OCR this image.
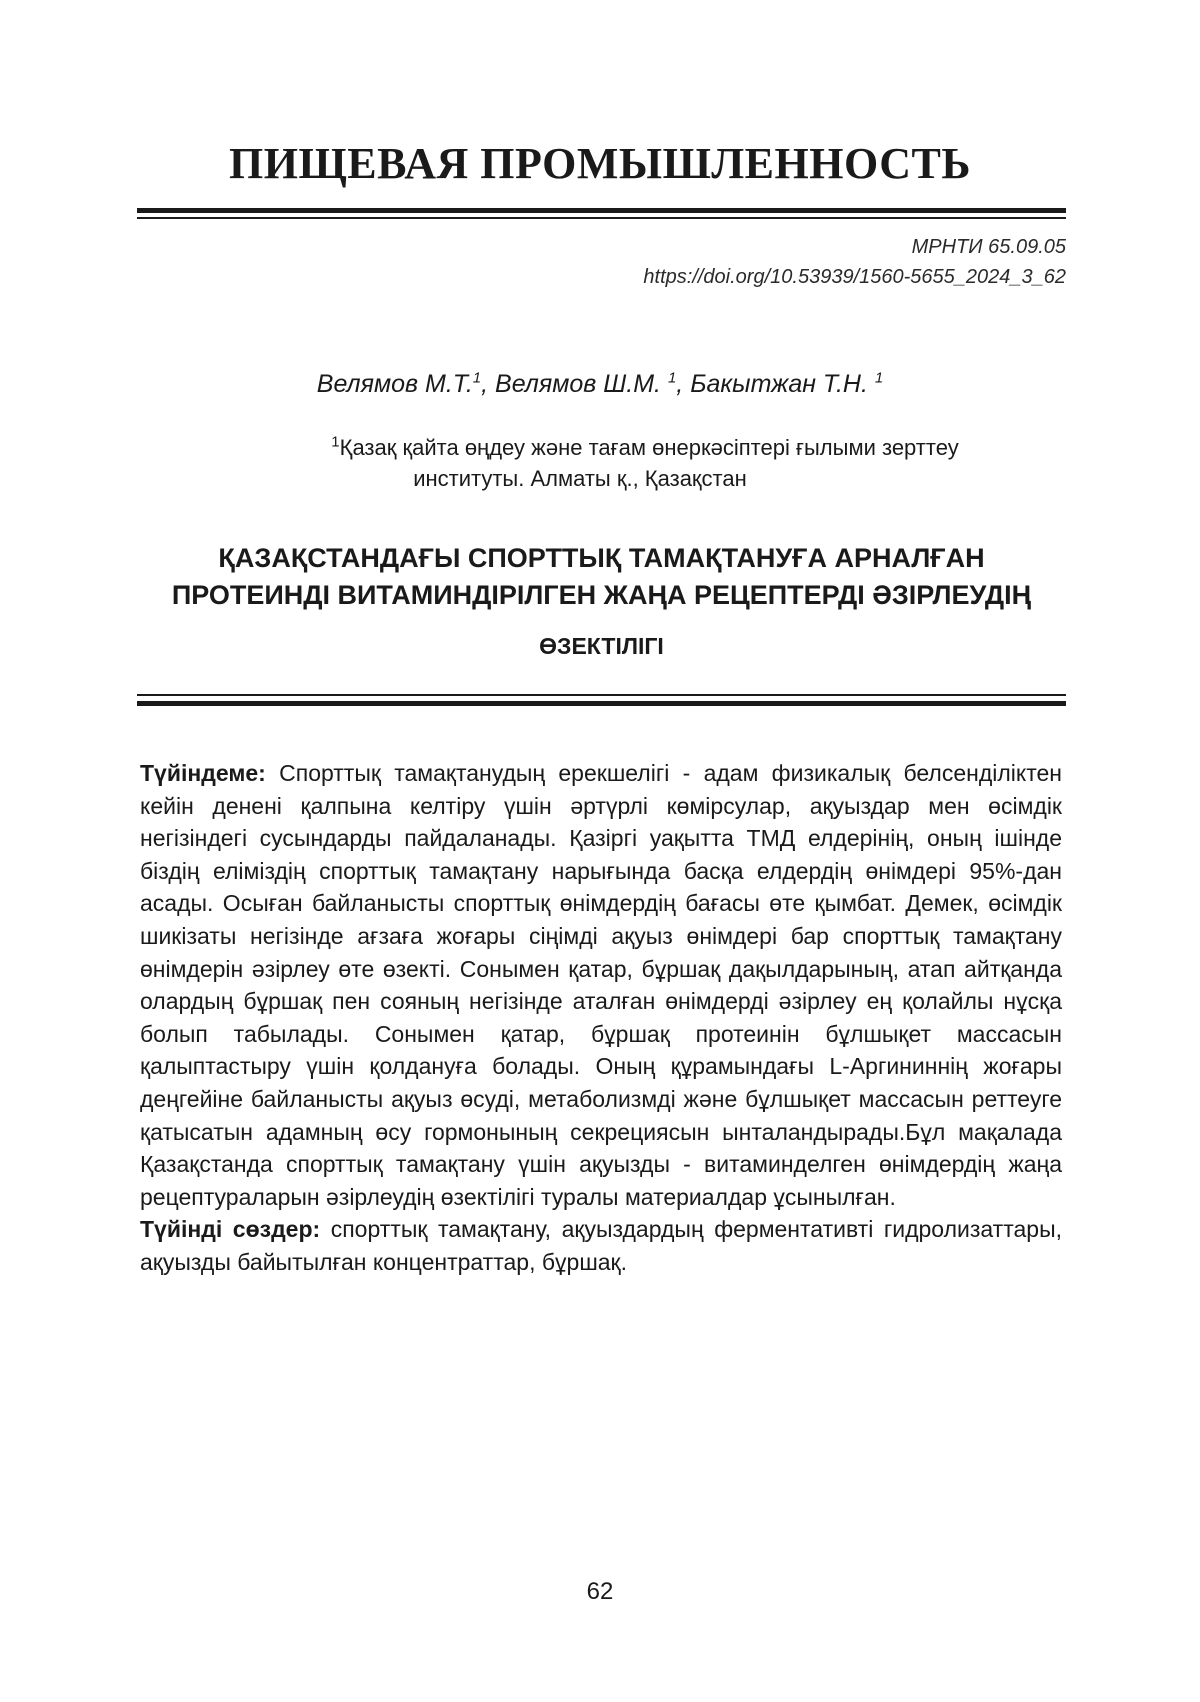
ПИЩЕВАЯ ПРОМЫШЛЕННОСТЬ
МРНТИ 65.09.05
https://doi.org/10.53939/1560-5655_2024_3_62
Велямов М.Т.$^1$, Велямов Ш.М. $^1$, Бакытжан Т.Н. $^1$
$^1$Қазақ қайта өңдеу және тағам өнеркәсіптері ғылыми зерттеу
институты. Алматы қ., Қазақстан
ҚАЗАҚСТАНДАҒЫ СПОРТТЫҚ ТАМАҚТАНУҒА АРНАЛҒАН
ПРОТЕИНДІ ВИТАМИНДІРІЛГЕН ЖАҢА РЕЦЕПТЕРДІ ӘЗІРЛЕУДІҢ
ӨЗЕКТІЛІГІ

Түйіндеме: Спорттық тамақтанудың ерекшелігі - адам физикалық белсенділіктен кейін денені қалпына келтіру үшін әртүрлі көмірсулар, ақуыздар мен өсімдік негізіндегі сусындарды пайдаланады. Қазіргі уақытта ТМД елдерінің, оның ішінде біздің еліміздің спорттық тамақтану нарығында басқа елдердің өнімдері 95%-дан асады. Осыған байланысты спорттық өнімдердің бағасы өте қымбат. Демек, өсімдік шикізаты негізінде ағзаға жоғары сіңімді ақуыз өнімдері бар спорттық тамақтану өнімдерін әзірлеу өте өзекті. Сонымен қатар, бұршақ дақылдарының, атап айтқанда олардың бұршақ пен сояның негізінде аталған өнімдерді әзірлеу ең қолайлы нұсқа болып табылады. Сонымен қатар, бұршақ протеинін бұлшықет массасын қалыптастыру үшін қолдануға болады. Оның құрамындағы L-Аргининнің жоғары деңгейіне байланысты ақуыз өсуді, метаболизмді және бұлшықет массасын реттеуге қатысатын адамның өсу гормонының секрециясын ынталандырады.Бұл мақалада Қазақстанда спорттық тамақтану үшін ақуызды - витаминделген өнімдердің жаңа рецептураларын әзірлеудің өзектілігі туралы материалдар ұсынылған.

Түйінді сөздер: спорттық тамақтану, ақуыздардың ферментативті гидролизаттары, ақуызды байытылған концентраттар, бұршақ.

62
